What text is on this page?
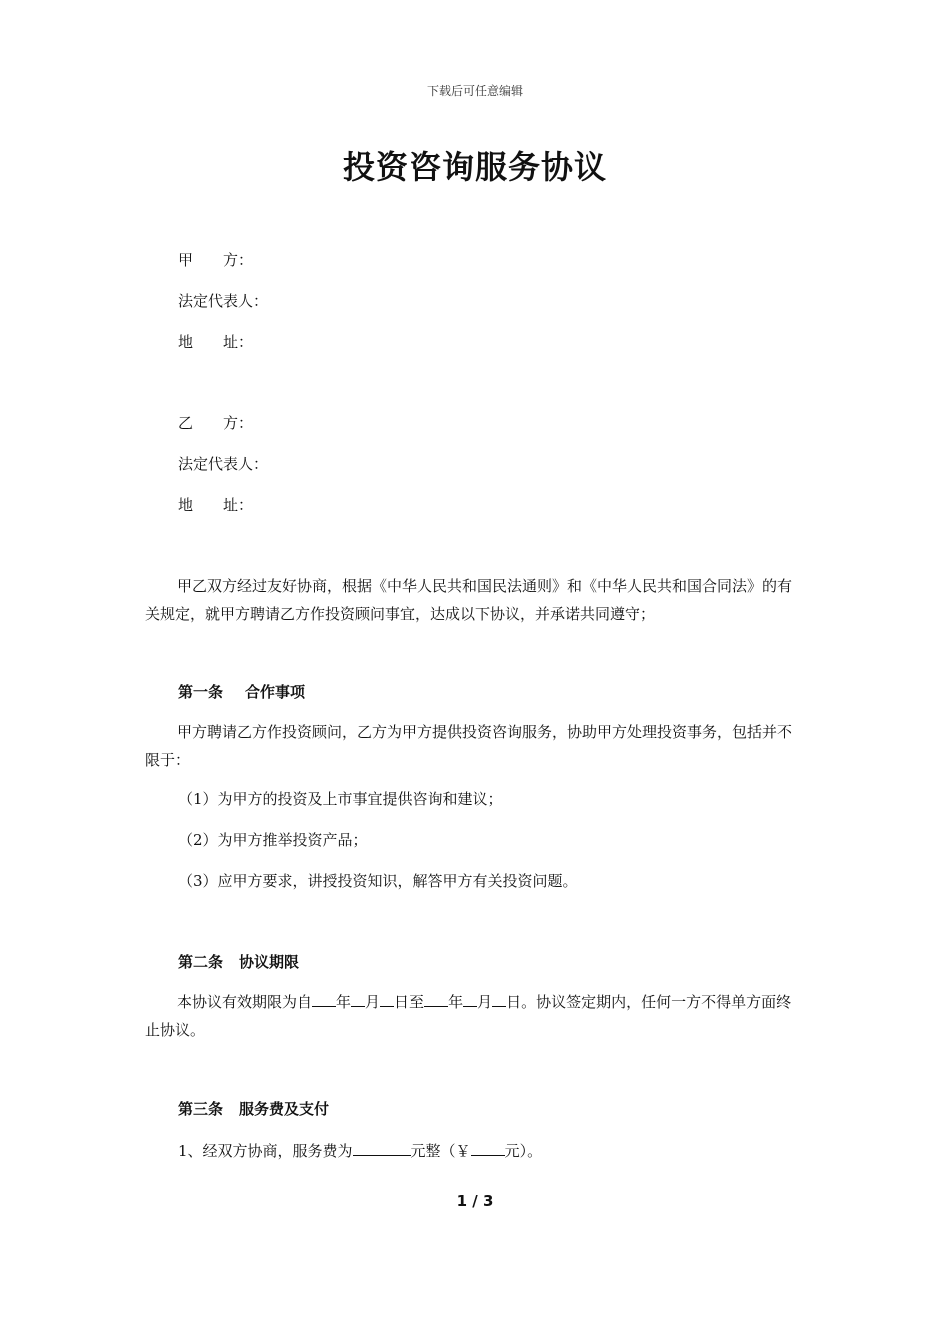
下载后可任意编辑
投资咨询服务协议
甲　　方：
法定代表人：
地　　址：
乙　　方：
法定代表人：
地　　址：
甲乙双方经过友好协商，根据《中华人民共和国民法通则》和《中华人民共和国合同法》的有关规定，就甲方聘请乙方作投资顾问事宜，达成以下协议，并承诺共同遵守；
第一条 合作事项
甲方聘请乙方作投资顾问，乙方为甲方提供投资咨询服务，协助甲方处理投资事务，包括并不限于：
（1）为甲方的投资及上市事宜提供咨询和建议；
（2）为甲方推举投资产品；
（3）应甲方要求，讲授投资知识，解答甲方有关投资问题。
第二条 协议期限
本协议有效期限为自 年 月 日至 年 月 日。协议签定期内，任何一方不得单方面终止协议。
第三条 服务费及支付
1、经双方协商，服务费为	元整（￥ 元）。
1 / 3
